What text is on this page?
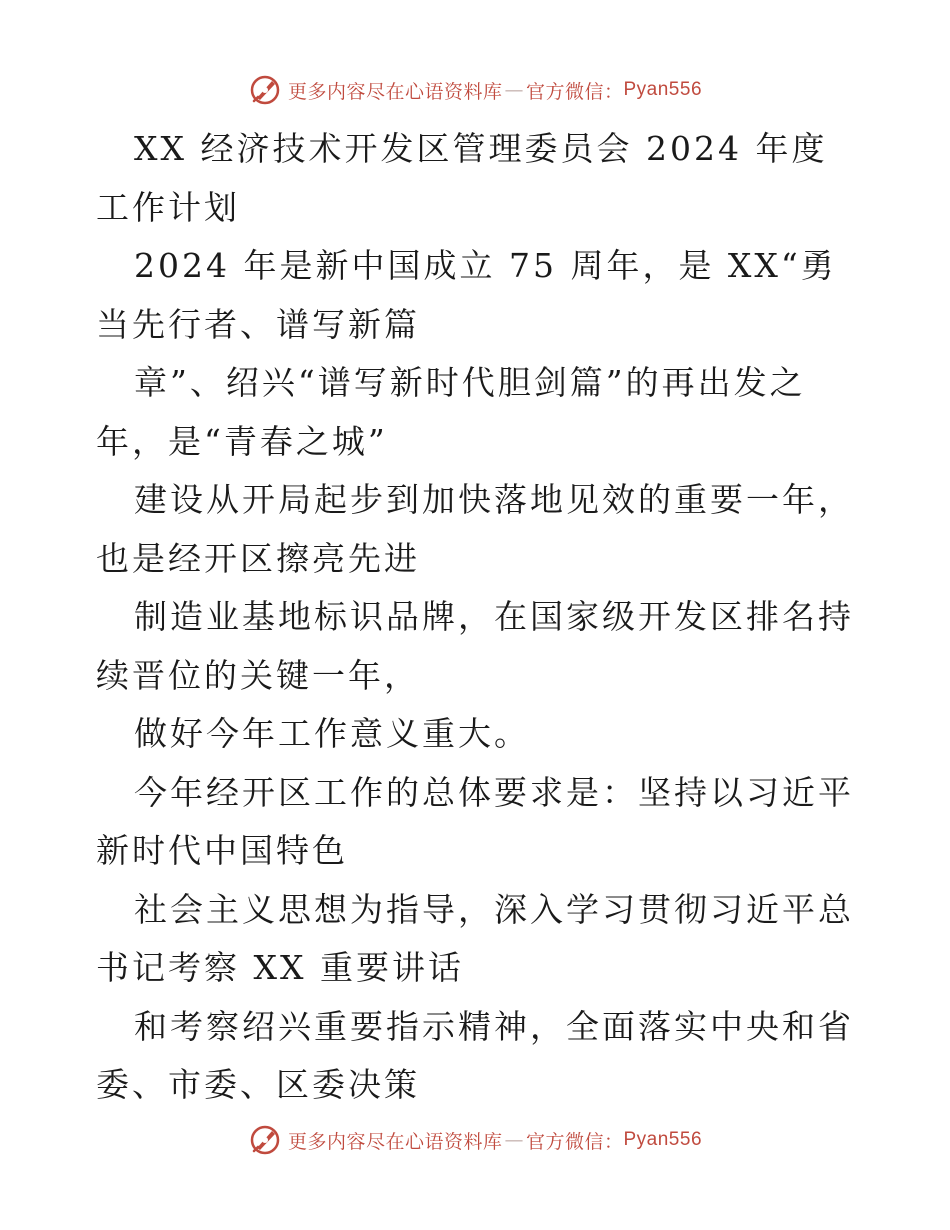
更多内容尽在心语资料库 — 官方微信： Pyan556

XX 经济技术开发区管理委员会 2024 年度工作计划

2024 年是新中国成立 75 周年，是 XX“勇当先行者、谱写新篇

章”、绍兴“谱写新时代胆剑篇”的再出发之年，是“青春之城”

建设从开局起步到加快落地见效的重要一年，也是经开区擦亮先进

制造业基地标识品牌，在国家级开发区排名持续晋位的关键一年，

做好今年工作意义重大。

今年经开区工作的总体要求是：坚持以习近平新时代中国特色

社会主义思想为指导，深入学习贯彻习近平总书记考察 XX 重要讲话

和考察绍兴重要指示精神，全面落实中央和省委、市委、区委决策

更多内容尽在心语资料库 — 官方微信： Pyan556
